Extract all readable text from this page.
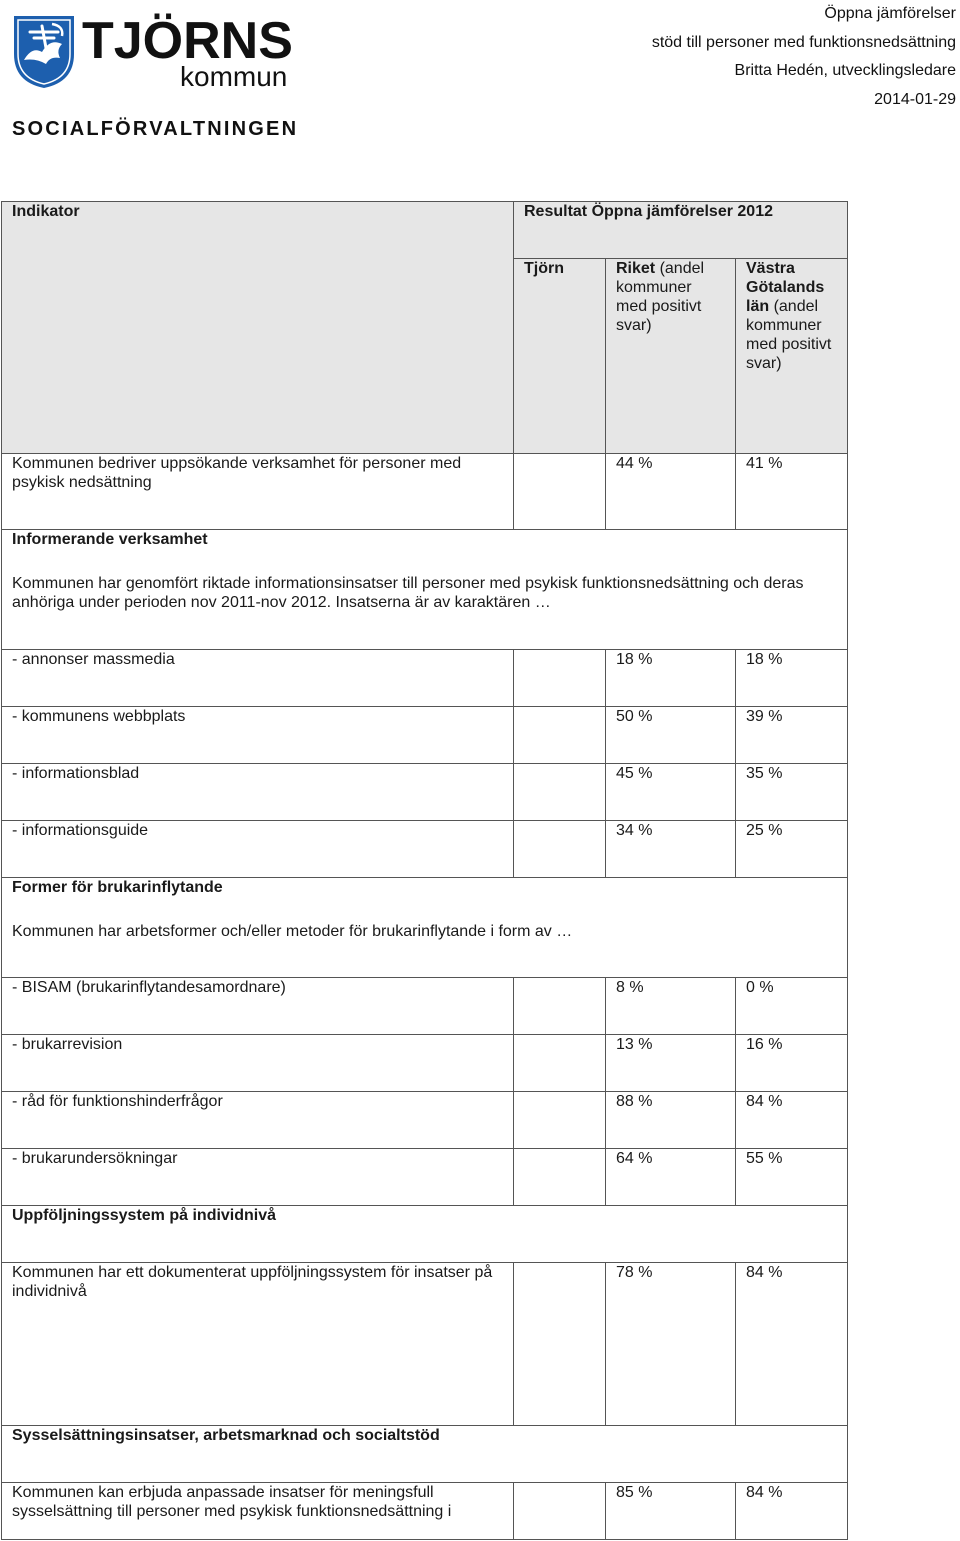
TJÖRNS
kommun
SOCIALFÖRVALTNINGEN
Öppna jämförelser
stöd till personer med funktionsnedsättning
Britta Hedén, utvecklingsledare
2014-01-29
Indikator	Resultat Öppna jämförelser 2012		
	Tjörn	Riket (andel kommuner med positivt svar)	Västra Götalands län (andel kommuner med positivt svar)
Kommunen bedriver uppsökande verksamhet för personer med psykisk nedsättning		44 %	41 %

Informerande verksamhet
Kommunen har genomfört riktade informationsinsatser till personer med psykisk funktionsnedsättning och deras anhöriga under perioden nov 2011-nov 2012. Insatserna är av karaktären …			

- annonser massmedia		18 %	18 %
- kommunens webbplats		50 %	39 %
- informationsblad		45 %	35 %
- informationsguide		34 %	25 %

Former för brukarinflytande
Kommunen har arbetsformer och/eller metoder för brukarinflytande i form av …			

- BISAM (brukarinflytandesamordnare)		8 %	0 %
- brukarrevision		13 %	16 %
- råd för funktionshinderfrågor		88 %	84 %
- brukarundersökningar		64 %	55 %

Uppföljningssystem på individnivå			

Kommunen har ett dokumenterat uppföljningssystem för insatser på individnivå		78 %	84 %

Sysselsättningsinsatser, arbetsmarknad och socialtstöd			

Kommunen kan erbjuda anpassade insatser för meningsfull sysselsättning till personer med psykisk funktionsnedsättning i		85 %	84 %
